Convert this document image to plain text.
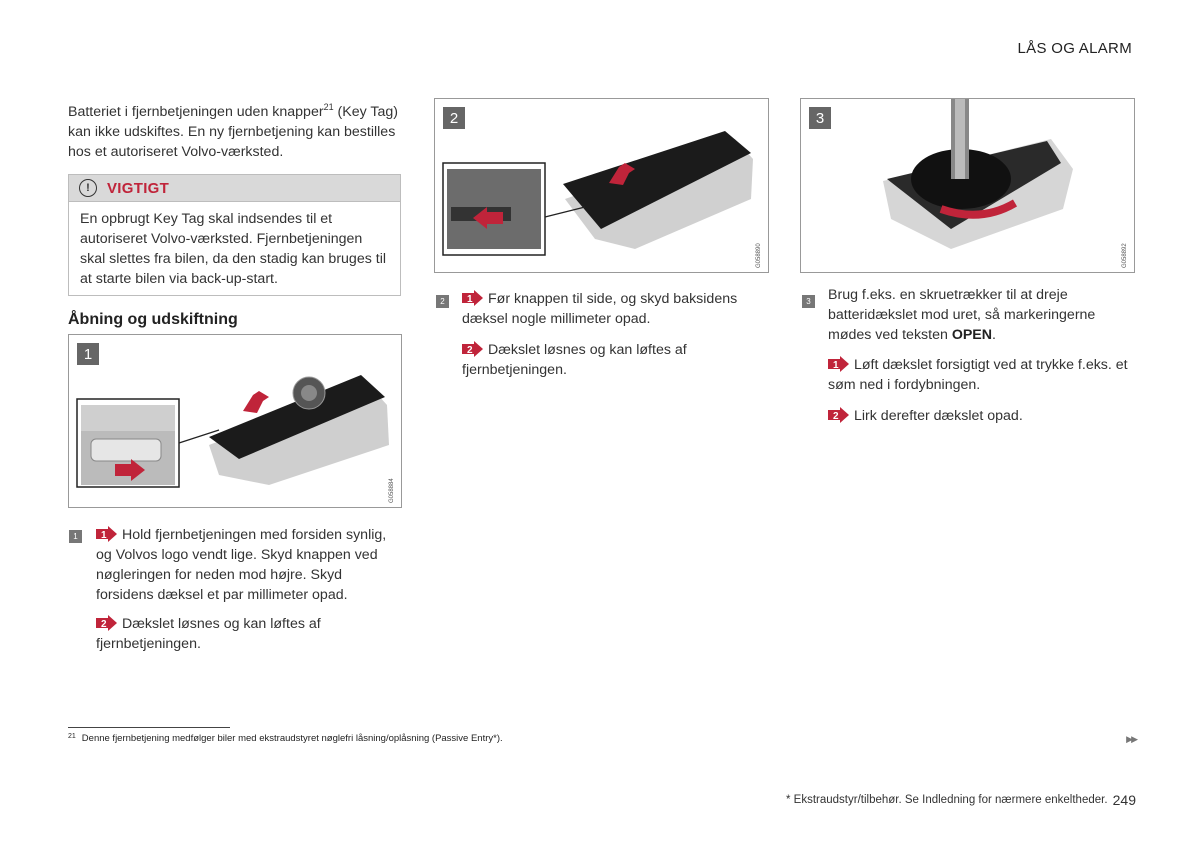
LÅS OG ALARM
Batteriet i fjernbetjeningen uden knapper$^{21}$ (Key Tag) kan ikke udskiftes. En ny fjernbetjening kan bestilles hos et autoriseret Volvo-værksted.
!	VIGTIGT
En opbrugt Key Tag skal indsendes til et autoriseret Volvo-værksted. Fjernbetjeningen skal slettes fra bilen, da den stadig kan bruges til at starte bilen via back-up-start.
Åbning og udskiftning
1
G058884
2
G058890
3
G058892
1	1 Hold fjernbetjeningen med forsiden synlig, og Volvos logo vendt lige. Skyd knappen ved nøgleringen for neden mod højre. Skyd forsidens dæksel et par millimeter opad.
2 Dækslet løsnes og kan løftes af fjernbetjeningen.
2	1 Før knappen til side, og skyd baksidens dæksel nogle millimeter opad.
2 Dækslet løsnes og kan løftes af fjernbetjeningen.
3	Brug f.eks. en skruetrækker til at dreje batteridækslet mod uret, så markeringerne mødes ved teksten OPEN.
1 Løft dækslet forsigtigt ved at trykke f.eks. et søm ned i fordybningen.
2 Lirk derefter dækslet opad.
$^{21}$ Denne fjernbetjening medfølger biler med ekstraudstyret nøglefri låsning/oplåsning (Passive Entry*).	▶▶
* Ekstraudstyr/tilbehør. Se Indledning for nærmere enkeltheder. 249
